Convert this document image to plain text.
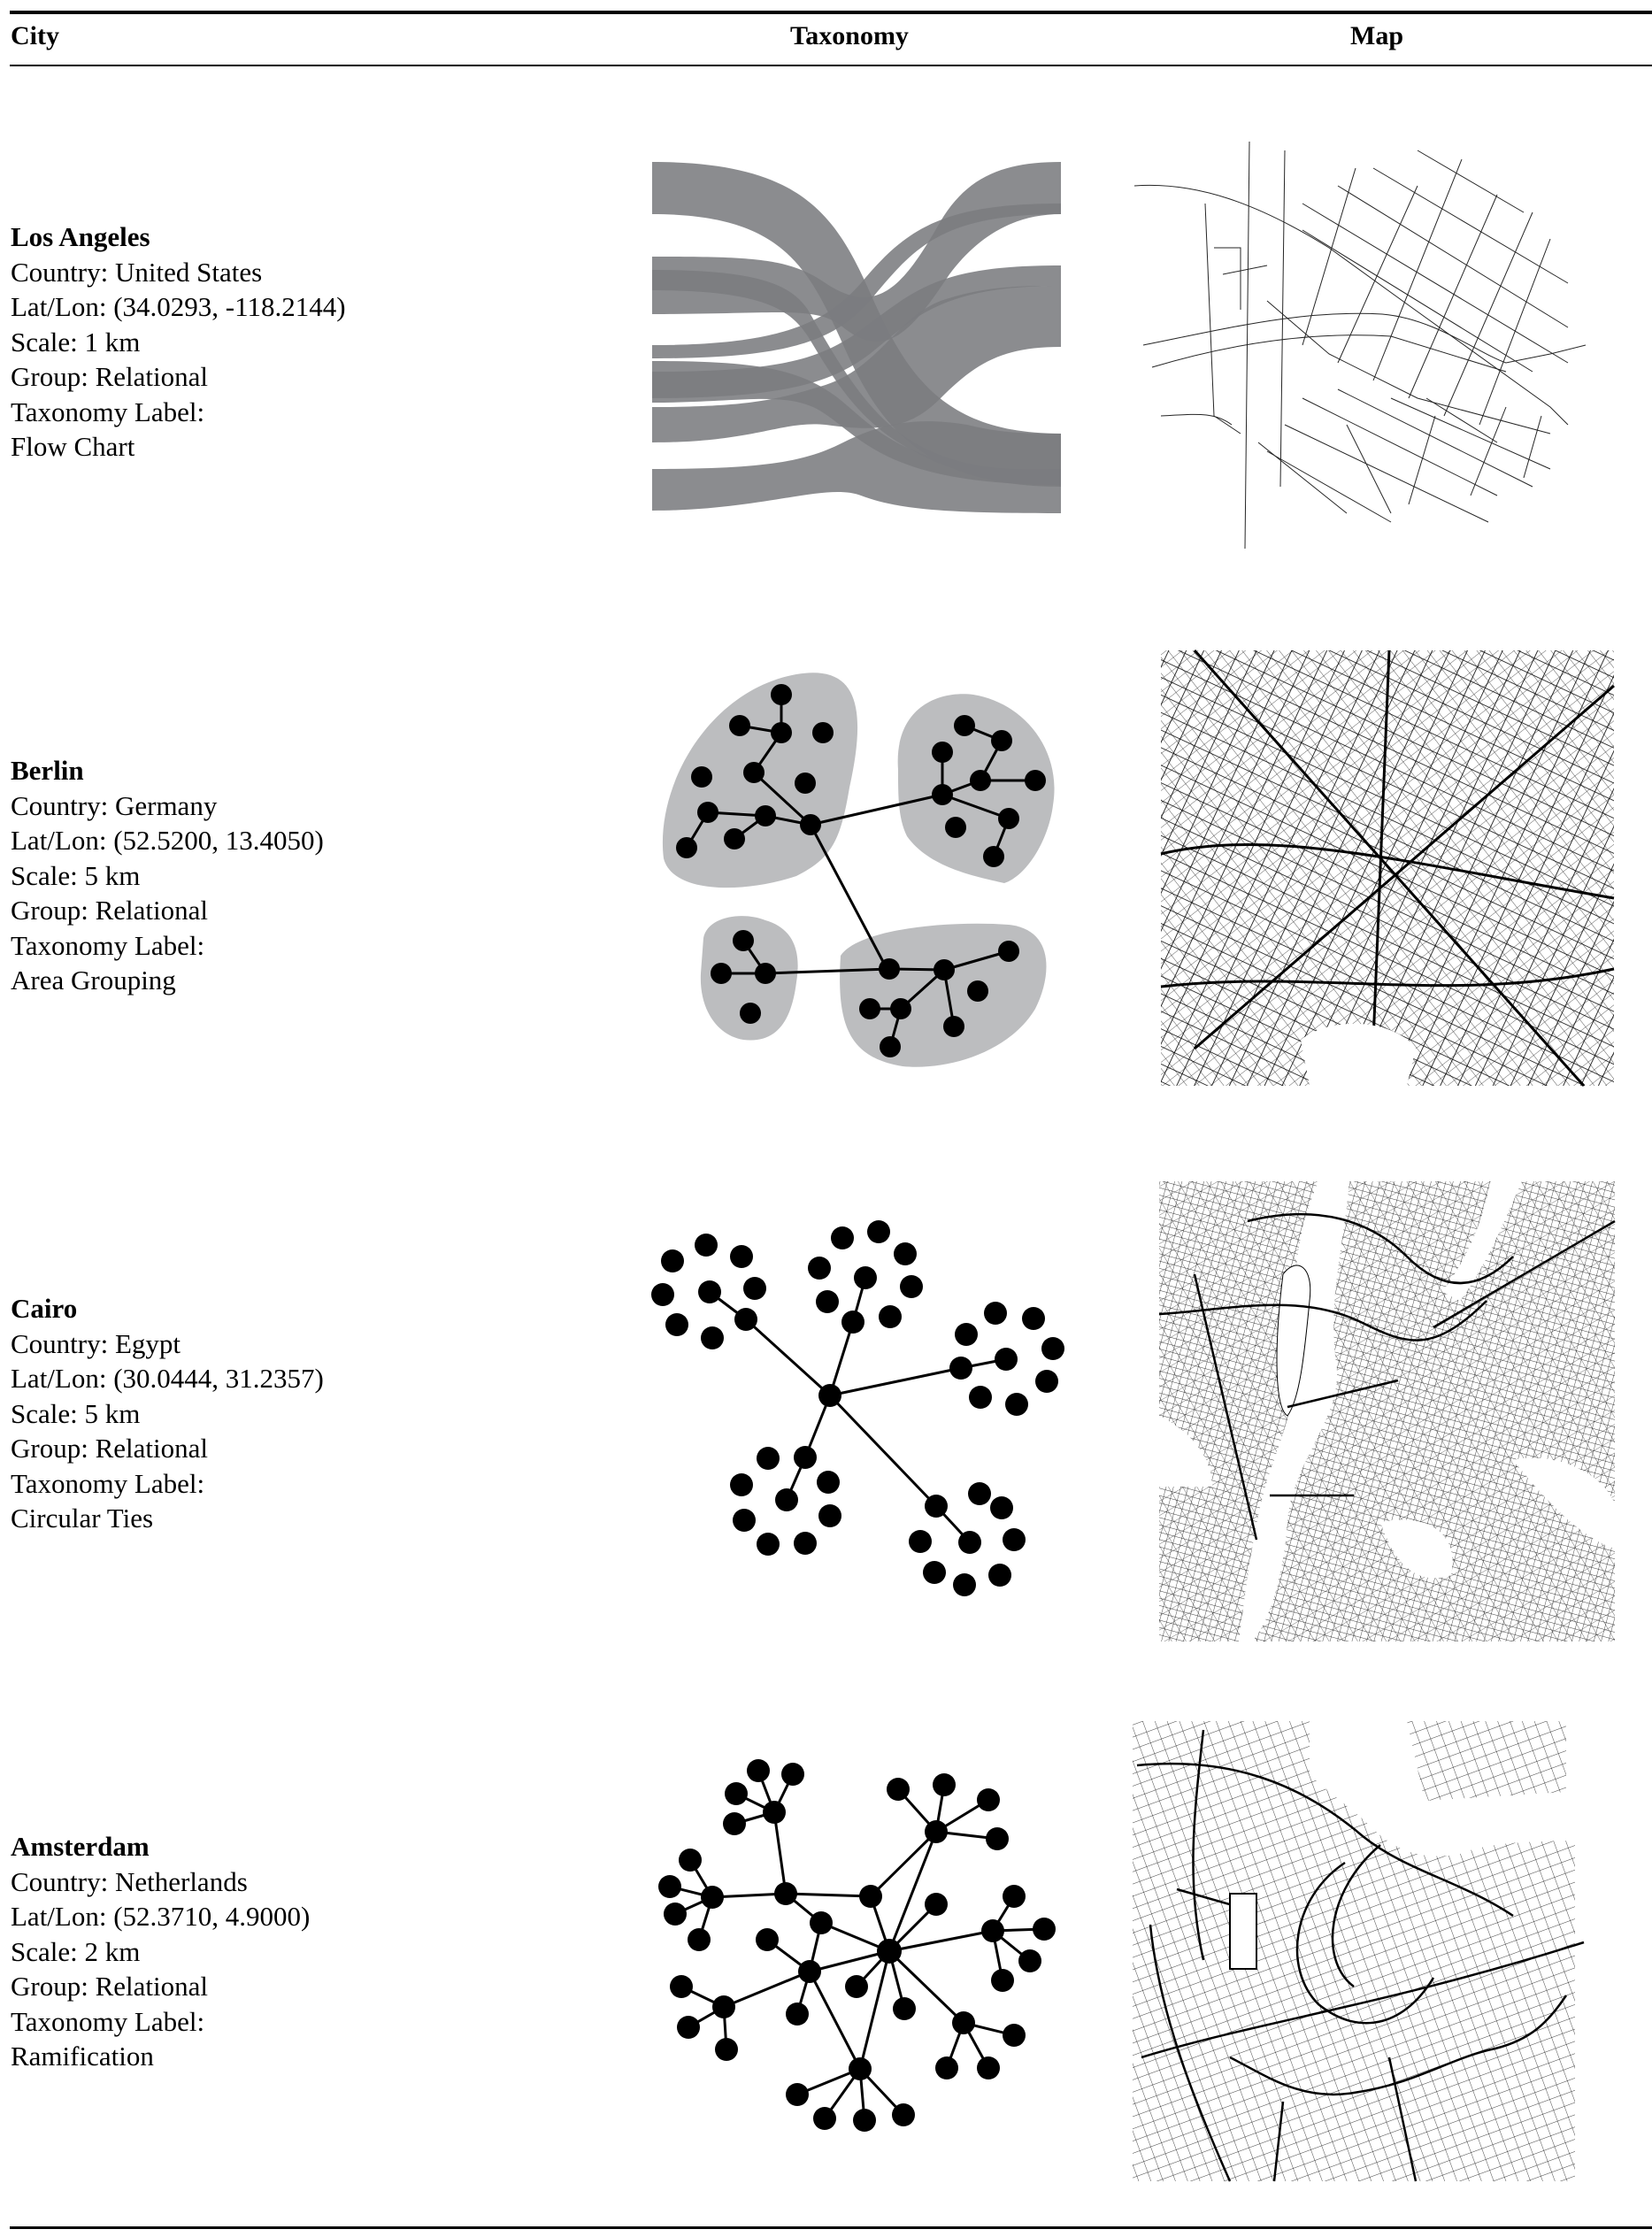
City	Taxonomy	Map
Los Angeles
Country: United States
Lat/Lon: (34.0293, -118.2144)
Scale: 1 km
Group: Relational
Taxonomy Label:
Flow Chart
Berlin
Country: Germany
Lat/Lon: (52.5200, 13.4050)
Scale: 5 km
Group: Relational
Taxonomy Label:
Area Grouping
Cairo
Country: Egypt
Lat/Lon: (30.0444, 31.2357)
Scale: 5 km
Group: Relational
Taxonomy Label:
Circular Ties
Amsterdam
Country: Netherlands
Lat/Lon: (52.3710, 4.9000)
Scale: 2 km
Group: Relational
Taxonomy Label:
Ramification
